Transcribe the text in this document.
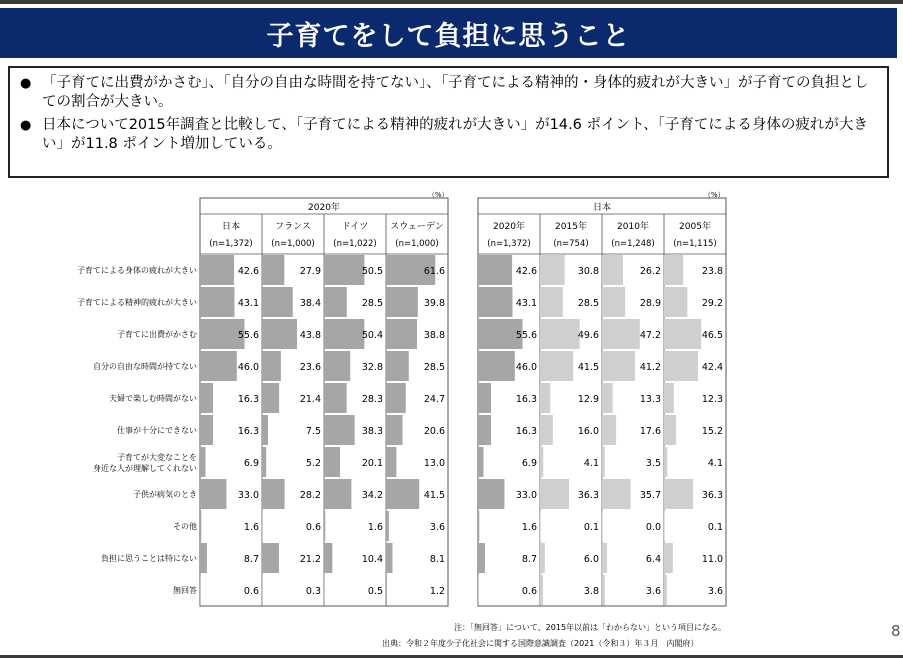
子育てをして負担に思うこと
● 「子育てに出費がかさむ」、「自分の自由な時間を持てない」、「子育てによる精神的・身体的疲れが大きい」が子育ての負担としての割合が大きい。
● 日本について2015年調査と比較して、「子育てによる精神的疲れが大きい」が14.6 ポイント、「子育てによる身体の疲れが大きい」が11.8 ポイント増加している。
（%）	（%）
2020年
日本
(n=1,372)
42.6
43.1
55.6
46.0
16.3
16.3
6.9
33.0
1.6
8.7
0.6
フランス
(n=1,000)
27.9
38.4
43.8
23.6
21.4
7.5
5.2
28.2
0.6
21.2
0.3
ドイツ
(n=1,022)
50.5
28.5
50.4
32.8
28.3
38.3
20.1
34.2
1.6
10.4
0.5
スウェーデン
(n=1,000)
61.6
39.8
38.8
28.5
24.7
20.6
13.0
41.5
3.6
8.1
1.2
日本
2020年
(n=1,372)
42.6
43.1
55.6
46.0
16.3
16.3
6.9
33.0
1.6
8.7
0.6
2015年
(n=754)
30.8
28.5
49.6
41.5
12.9
16.0
4.1
36.3
0.1
6.0
3.8
2010年
(n=1,248)
26.2
28.9
47.2
41.2
13.3
17.6
3.5
35.7
0.0
6.4
3.6
2005年
(n=1,115)
23.8
29.2
46.5
42.4
12.3
15.2
4.1
36.3
0.1
11.0
3.6
子育てによる身体の疲れが大きい
子育てによる精神的疲れが大きい
子育てに出費がかさむ
自分の自由な時間が持てない
夫婦で楽しむ時間がない
仕事が十分にできない
子育てが大変なことを
身近な人が理解してくれない
子供が病気のとき
その他
負担に思うことは特にない
無回答
注：「無回答」について、2015年以前は「わからない」という項目になる。
出典：令和２年度少子化社会に関する国際意識調査（2021（令和３）年３月　内閣府）
8
